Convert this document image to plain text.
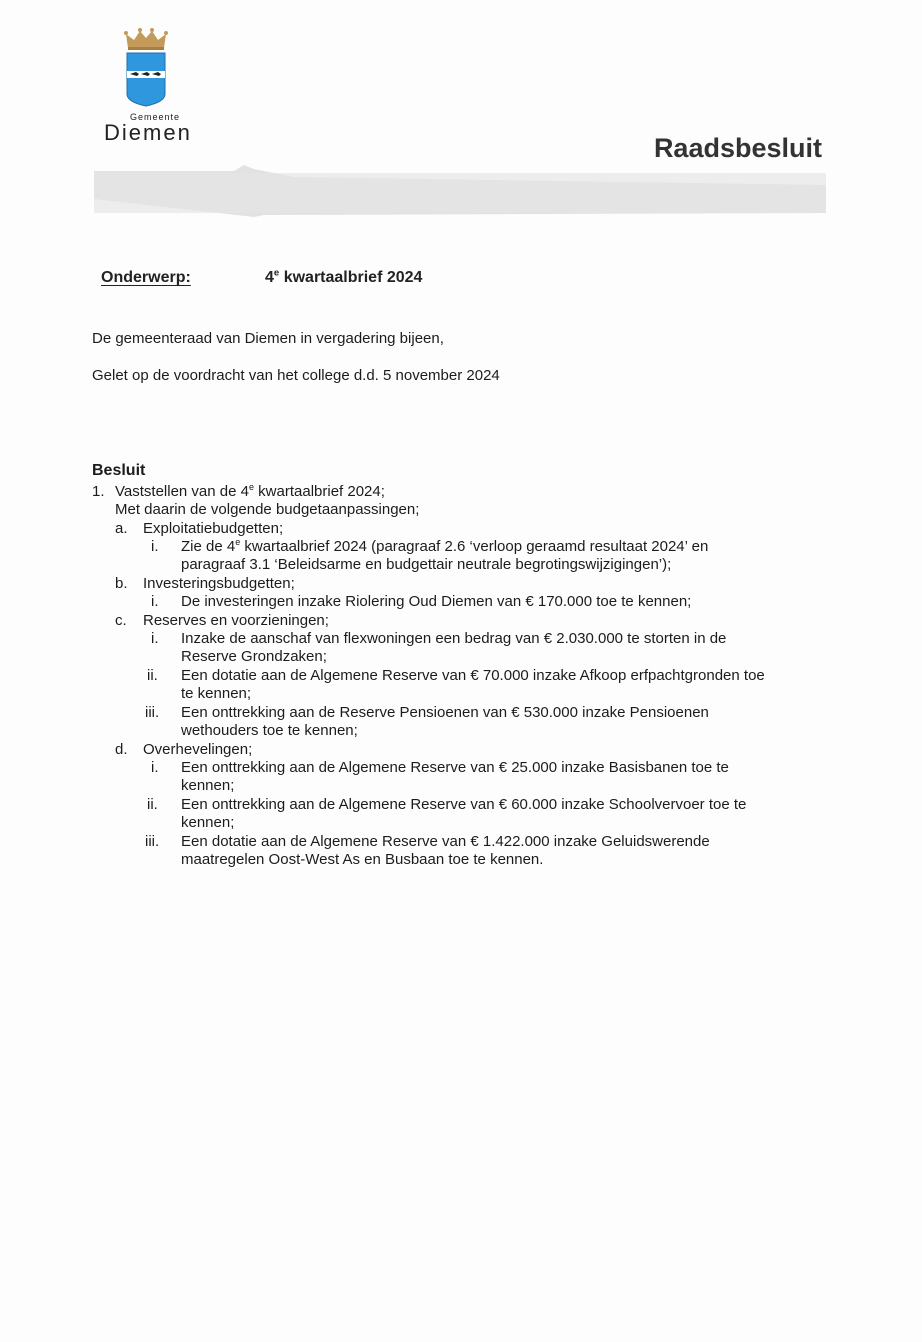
Gemeente
Diemen
Raadsbesluit
Onderwerp:	4e kwartaalbrief 2024
De gemeenteraad van Diemen in vergadering bijeen,
Gelet op de voordracht van het college d.d. 5 november 2024
Besluit
1. Vaststellen van de 4e kwartaalbrief 2024;
Met daarin de volgende budgetaanpassingen;
a. Exploitatiebudgetten;
i. Zie de 4e kwartaalbrief 2024 (paragraaf 2.6 ‘verloop geraamd resultaat 2024’ en
paragraaf 3.1 ‘Beleidsarme en budgettair neutrale begrotingswijzigingen’);
b. Investeringsbudgetten;
i. De investeringen inzake Riolering Oud Diemen van € 170.000 toe te kennen;
c. Reserves en voorzieningen;
i. Inzake de aanschaf van flexwoningen een bedrag van € 2.030.000 te storten in de
Reserve Grondzaken;
ii. Een dotatie aan de Algemene Reserve van € 70.000 inzake Afkoop erfpachtgronden toe
te kennen;
iii. Een onttrekking aan de Reserve Pensioenen van € 530.000 inzake Pensioenen
wethouders toe te kennen;
d. Overhevelingen;
i. Een onttrekking aan de Algemene Reserve van € 25.000 inzake Basisbanen toe te
kennen;
ii. Een onttrekking aan de Algemene Reserve van € 60.000 inzake Schoolvervoer toe te
kennen;
iii. Een dotatie aan de Algemene Reserve van € 1.422.000 inzake Geluidswerende
maatregelen Oost-West As en Busbaan toe te kennen.
